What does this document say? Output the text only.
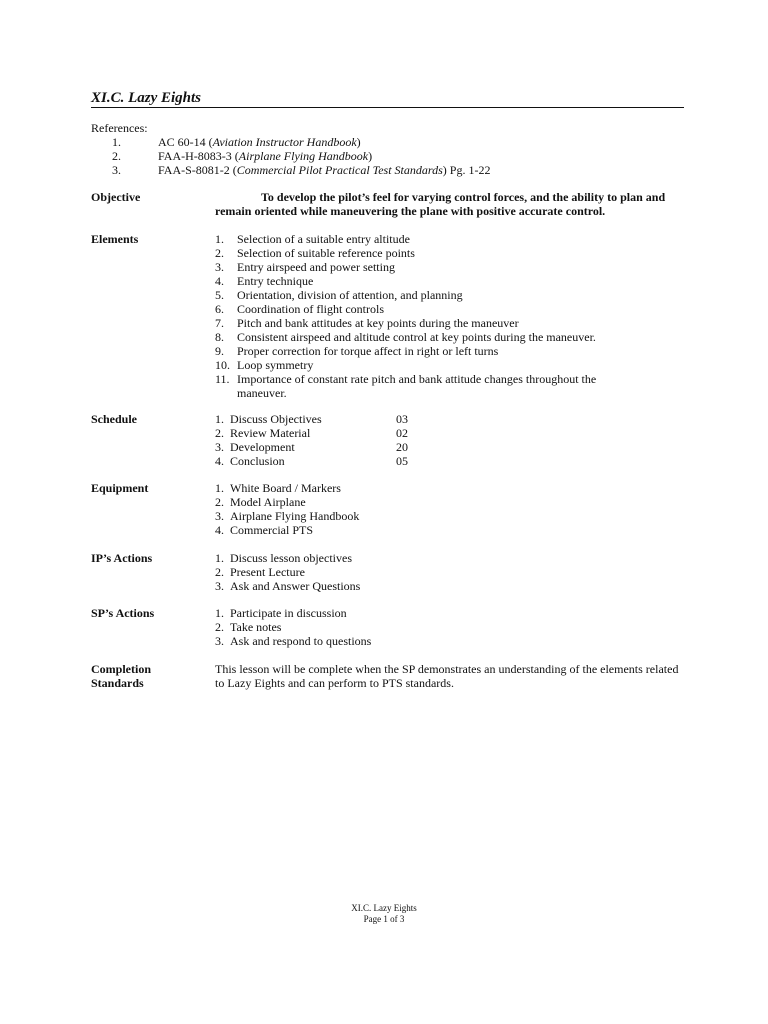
XI.C. Lazy Eights
References:
1.	AC 60-14 (Aviation Instructor Handbook)
2.	FAA-H-8083-3 (Airplane Flying Handbook)
3.	FAA-S-8081-2 (Commercial Pilot Practical Test Standards) Pg. 1-22
Objective	To develop the pilot’s feel for varying control forces, and the ability to plan and remain oriented while maneuvering the plane with positive accurate control.
Elements	1. Selection of a suitable entry altitude
2. Selection of suitable reference points
3. Entry airspeed and power setting
4. Entry technique
5. Orientation, division of attention, and planning
6. Coordination of flight controls
7. Pitch and bank attitudes at key points during the maneuver
8. Consistent airspeed and altitude control at key points during the maneuver.
9. Proper correction for torque affect in right or left turns
10. Loop symmetry
11. Importance of constant rate pitch and bank attitude changes throughout the maneuver.
Schedule	1.  Discuss Objectives	03
2.  Review Material	02
3.  Development	20
4.  Conclusion	05
Equipment	1.  White Board / Markers
2.  Model Airplane
3.  Airplane Flying Handbook
4.  Commercial PTS
IP’s Actions	1.  Discuss lesson objectives
2.  Present Lecture
3.  Ask and Answer Questions
SP’s Actions	1.  Participate in discussion
2.  Take notes
3.  Ask and respond to questions
Completion
Standards
This lesson will be complete when the SP demonstrates an understanding of the elements related to Lazy Eights and can perform to PTS standards.
XI.C. Lazy Eights
Page 1 of 3
